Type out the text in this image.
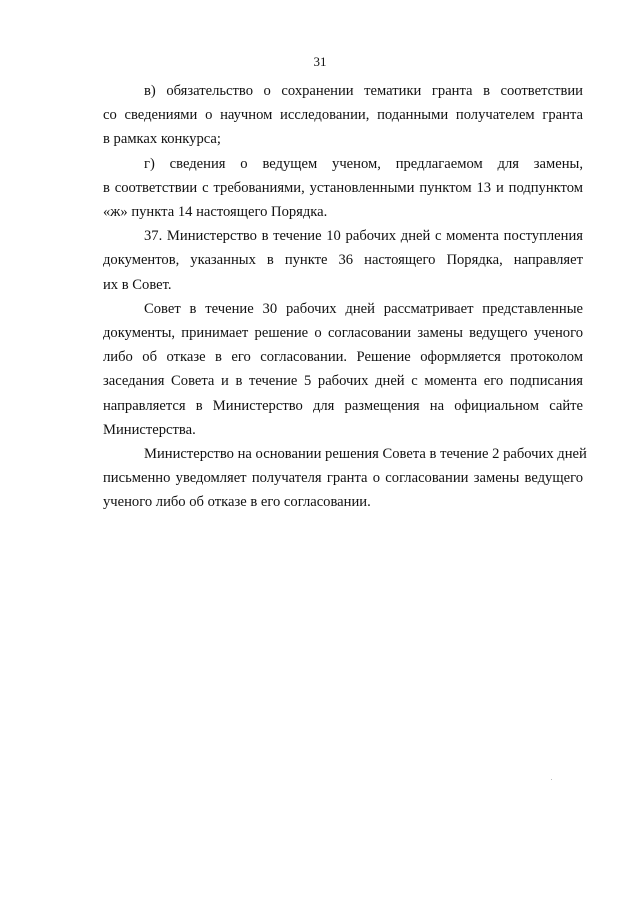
31

в) обязательство о сохранении тематики гранта в соответствии
со сведениями о научном исследовании, поданными получателем гранта
в рамках конкурса;

г) сведения о ведущем ученом, предлагаемом для замены,
в соответствии с требованиями, установленными пунктом 13 и подпунктом
«ж» пункта 14 настоящего Порядка.

37. Министерство в течение 10 рабочих дней с момента поступления
документов, указанных в пункте 36 настоящего Порядка, направляет
их в Совет.

Совет в течение 30 рабочих дней рассматривает представленные
документы, принимает решение о согласовании замены ведущего ученого
либо об отказе в его согласовании. Решение оформляется протоколом
заседания Совета и в течение 5 рабочих дней с момента его подписания
направляется в Министерство для размещения на официальном сайте
Министерства.

Министерство на основании решения Совета в течение 2 рабочих дней
письменно уведомляет получателя гранта о согласовании замены ведущего
ученого либо об отказе в его согласовании.
